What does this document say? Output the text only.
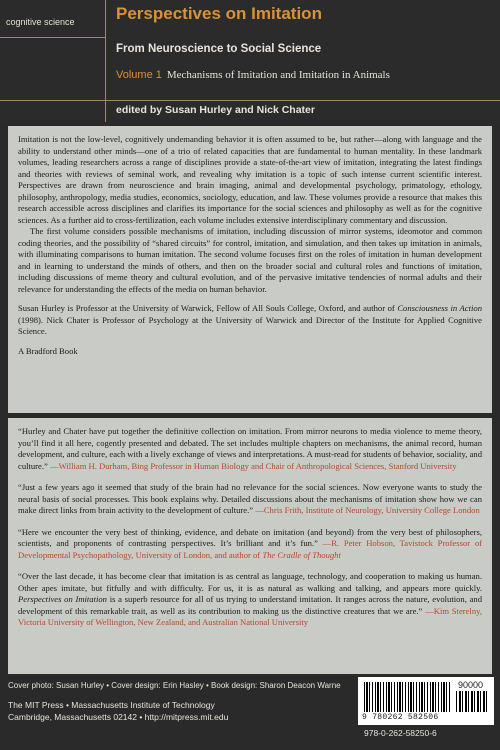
cognitive science Perspectives on Imitation
From Neuroscience to Social Science
Volume 1 Mechanisms of Imitation and Imitation in Animals
edited by Susan Hurley and Nick Chater

Imitation is not the low-level, cognitively undemanding behavior it is often assumed to be, but rather—along with language and the ability to understand other minds—one of a trio of related capacities that are fundamental to human mentality. In these landmark volumes, leading researchers across a range of disciplines provide a state-of-the-art view of imitation, integrating the latest findings and theories with reviews of seminal work, and revealing why imitation is a topic of such intense current scientific interest. Perspectives are drawn from neuroscience and brain imaging, animal and developmental psychology, primatology, ethology, philosophy, anthropology, media studies, economics, sociology, education, and law. These volumes provide a resource that makes this research accessible across disciplines and clarifies its importance for the social sciences and philosophy as well as for the cognitive sciences. As a further aid to cross-fertilization, each volume includes extensive interdisciplinary commentary and discussion.

The first volume considers possible mechanisms of imitation, including discussion of mirror systems, ideomotor and common coding theories, and the possibility of “shared circuits” for control, imitation, and simulation, and then takes up imitation in animals, with illuminating comparisons to human imitation. The second volume focuses first on the roles of imitation in human development and in learning to understand the minds of others, and then on the broader social and cultural roles and functions of imitation, including discussions of meme theory and cultural evolution, and of the pervasive imitative tendencies of normal adults and their relevance for understanding the effects of the media on human behavior.

Susan Hurley is Professor at the University of Warwick, Fellow of All Souls College, Oxford, and author of Consciousness in Action (1998). Nick Chater is Professor of Psychology at the University of Warwick and Director of the Institute for Applied Cognitive Science.

A Bradford Book

“Hurley and Chater have put together the definitive collection on imitation. From mirror neurons to media violence to meme theory, you’ll find it all here, cogently presented and debated. The set includes multiple chapters on mechanisms, the animal record, human development, and culture, each with a lively exchange of views and interpretations. A must-read for students of behavior, sociality, and culture.” —William H. Durham, Bing Professor in Human Biology and Chair of Anthropological Sciences, Stanford University

“Just a few years ago it seemed that study of the brain had no relevance for the social sciences. Now everyone wants to study the neural basis of social processes. This book explains why. Detailed discussions about the mechanisms of imitation show how we can make direct links from brain activity to the development of culture.” —Chris Frith, Institute of Neurology, University College London

“Here we encounter the very best of thinking, evidence, and debate on imitation (and beyond) from the very best of philosophers, scientists, and proponents of contrasting perspectives. It’s brilliant and it’s fun.” —R. Peter Hobson, Tavistock Professor of Developmental Psychopathology, University of London, and author of The Cradle of Thought

“Over the last decade, it has become clear that imitation is as central as language, technology, and cooperation to making us human. Other apes imitate, but fitfully and with difficulty. For us, it is as natural as walking and talking, and appears more quickly. Perspectives on Imitation is a superb resource for all of us trying to understand imitation. It ranges across the nature, evolution, and development of this remarkable trait, as well as its contribution to making us the distinctive creatures that we are.” —Kim Sterelny, Victoria University of Wellington, New Zealand, and Australian National University

Cover photo: Susan Hurley • Cover design: Erin Hasley • Book design: Sharon Deacon Warne
The MIT Press • Massachusetts Institute of Technology
Cambridge, Massachusetts 02142 • http://mitpress.mit.edu
90000
9 780262 582506
978-0-262-58250-6
